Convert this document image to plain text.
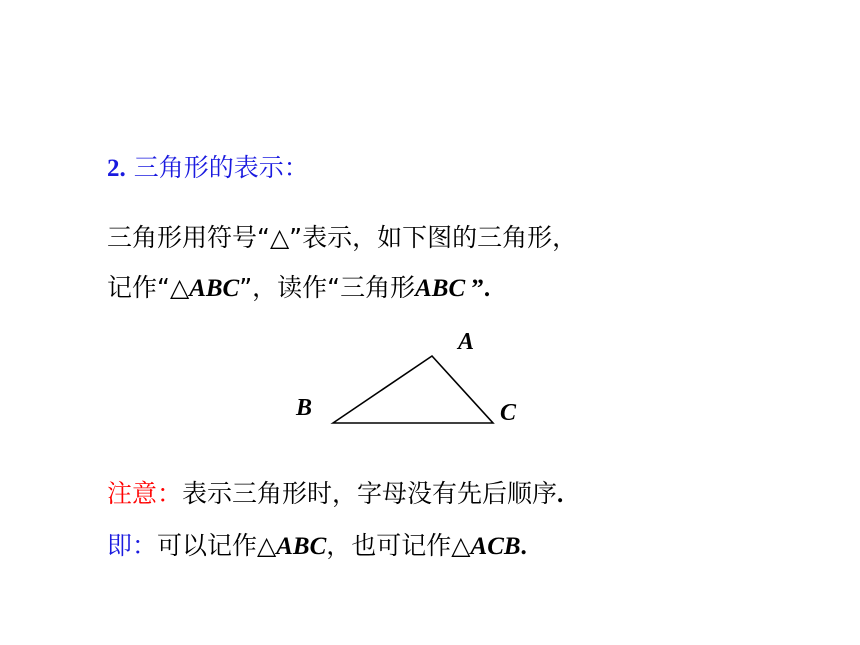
2. 三角形的表示：
三角形用符号“△”表示，如下图的三角形，
记作“△ABC”，读作“三角形ABC ”.
A
B	C
注意：表示三角形时，字母没有先后顺序.
即：可以记作△ABC，也可记作△ACB.
